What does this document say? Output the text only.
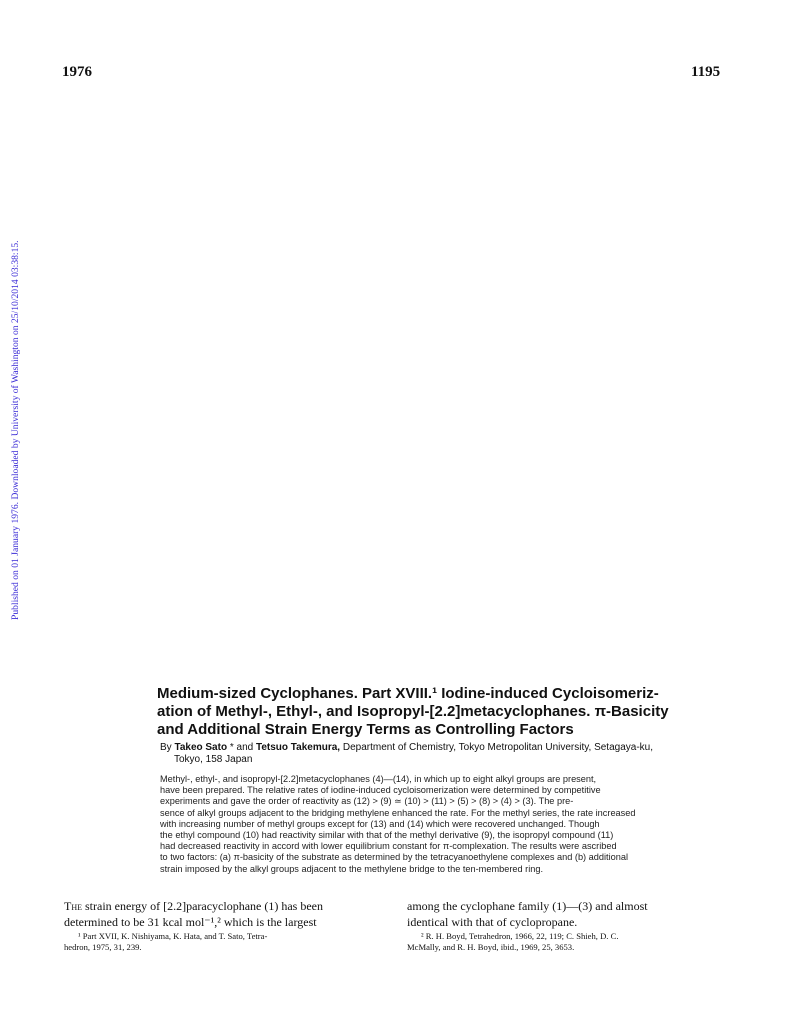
1976	1195
Published on 01 January 1976. Downloaded by University of Washington on 25/10/2014 03:38:15.
Medium-sized Cyclophanes. Part XVIII.¹ Iodine-induced Cycloisomeriz-
ation of Methyl-, Ethyl-, and Isopropyl-[2.2]metacyclophanes. π-Basicity
and Additional Strain Energy Terms as Controlling Factors
By Takeo Sato * and Tetsuo Takemura, Department of Chemistry, Tokyo Metropolitan University, Setagaya-ku,
Tokyo, 158 Japan
Methyl-, ethyl-, and isopropyl-[2.2]metacyclophanes (4)—(14), in which up to eight alkyl groups are present,
have been prepared. The relative rates of iodine-induced cycloisomerization were determined by competitive
experiments and gave the order of reactivity as (12) > (9) ≃ (10) > (11) > (5) > (8) > (4) > (3). The pre-
sence of alkyl groups adjacent to the bridging methylene enhanced the rate. For the methyl series, the rate increased
with increasing number of methyl groups except for (13) and (14) which were recovered unchanged. Though
the ethyl compound (10) had reactivity similar with that of the methyl derivative (9), the isopropyl compound (11)
had decreased reactivity in accord with lower equilibrium constant for π-complexation. The results were ascribed
to two factors: (a) π-basicity of the substrate as determined by the tetracyanoethylene complexes and (b) additional
strain imposed by the alkyl groups adjacent to the methylene bridge to the ten-membered ring.
The strain energy of [2.2]paracyclophane (1) has been
determined to be 31 kcal mol⁻¹,² which is the largest
among the cyclophane family (1)—(3) and almost
identical with that of cyclopropane.
¹ Part XVII, K. Nishiyama, K. Hata, and T. Sato, Tetra-
hedron, 1975, 31, 239.
² R. H. Boyd, Tetrahedron, 1966, 22, 119; C. Shieh, D. C.
McMally, and R. H. Boyd, ibid., 1969, 25, 3653.
